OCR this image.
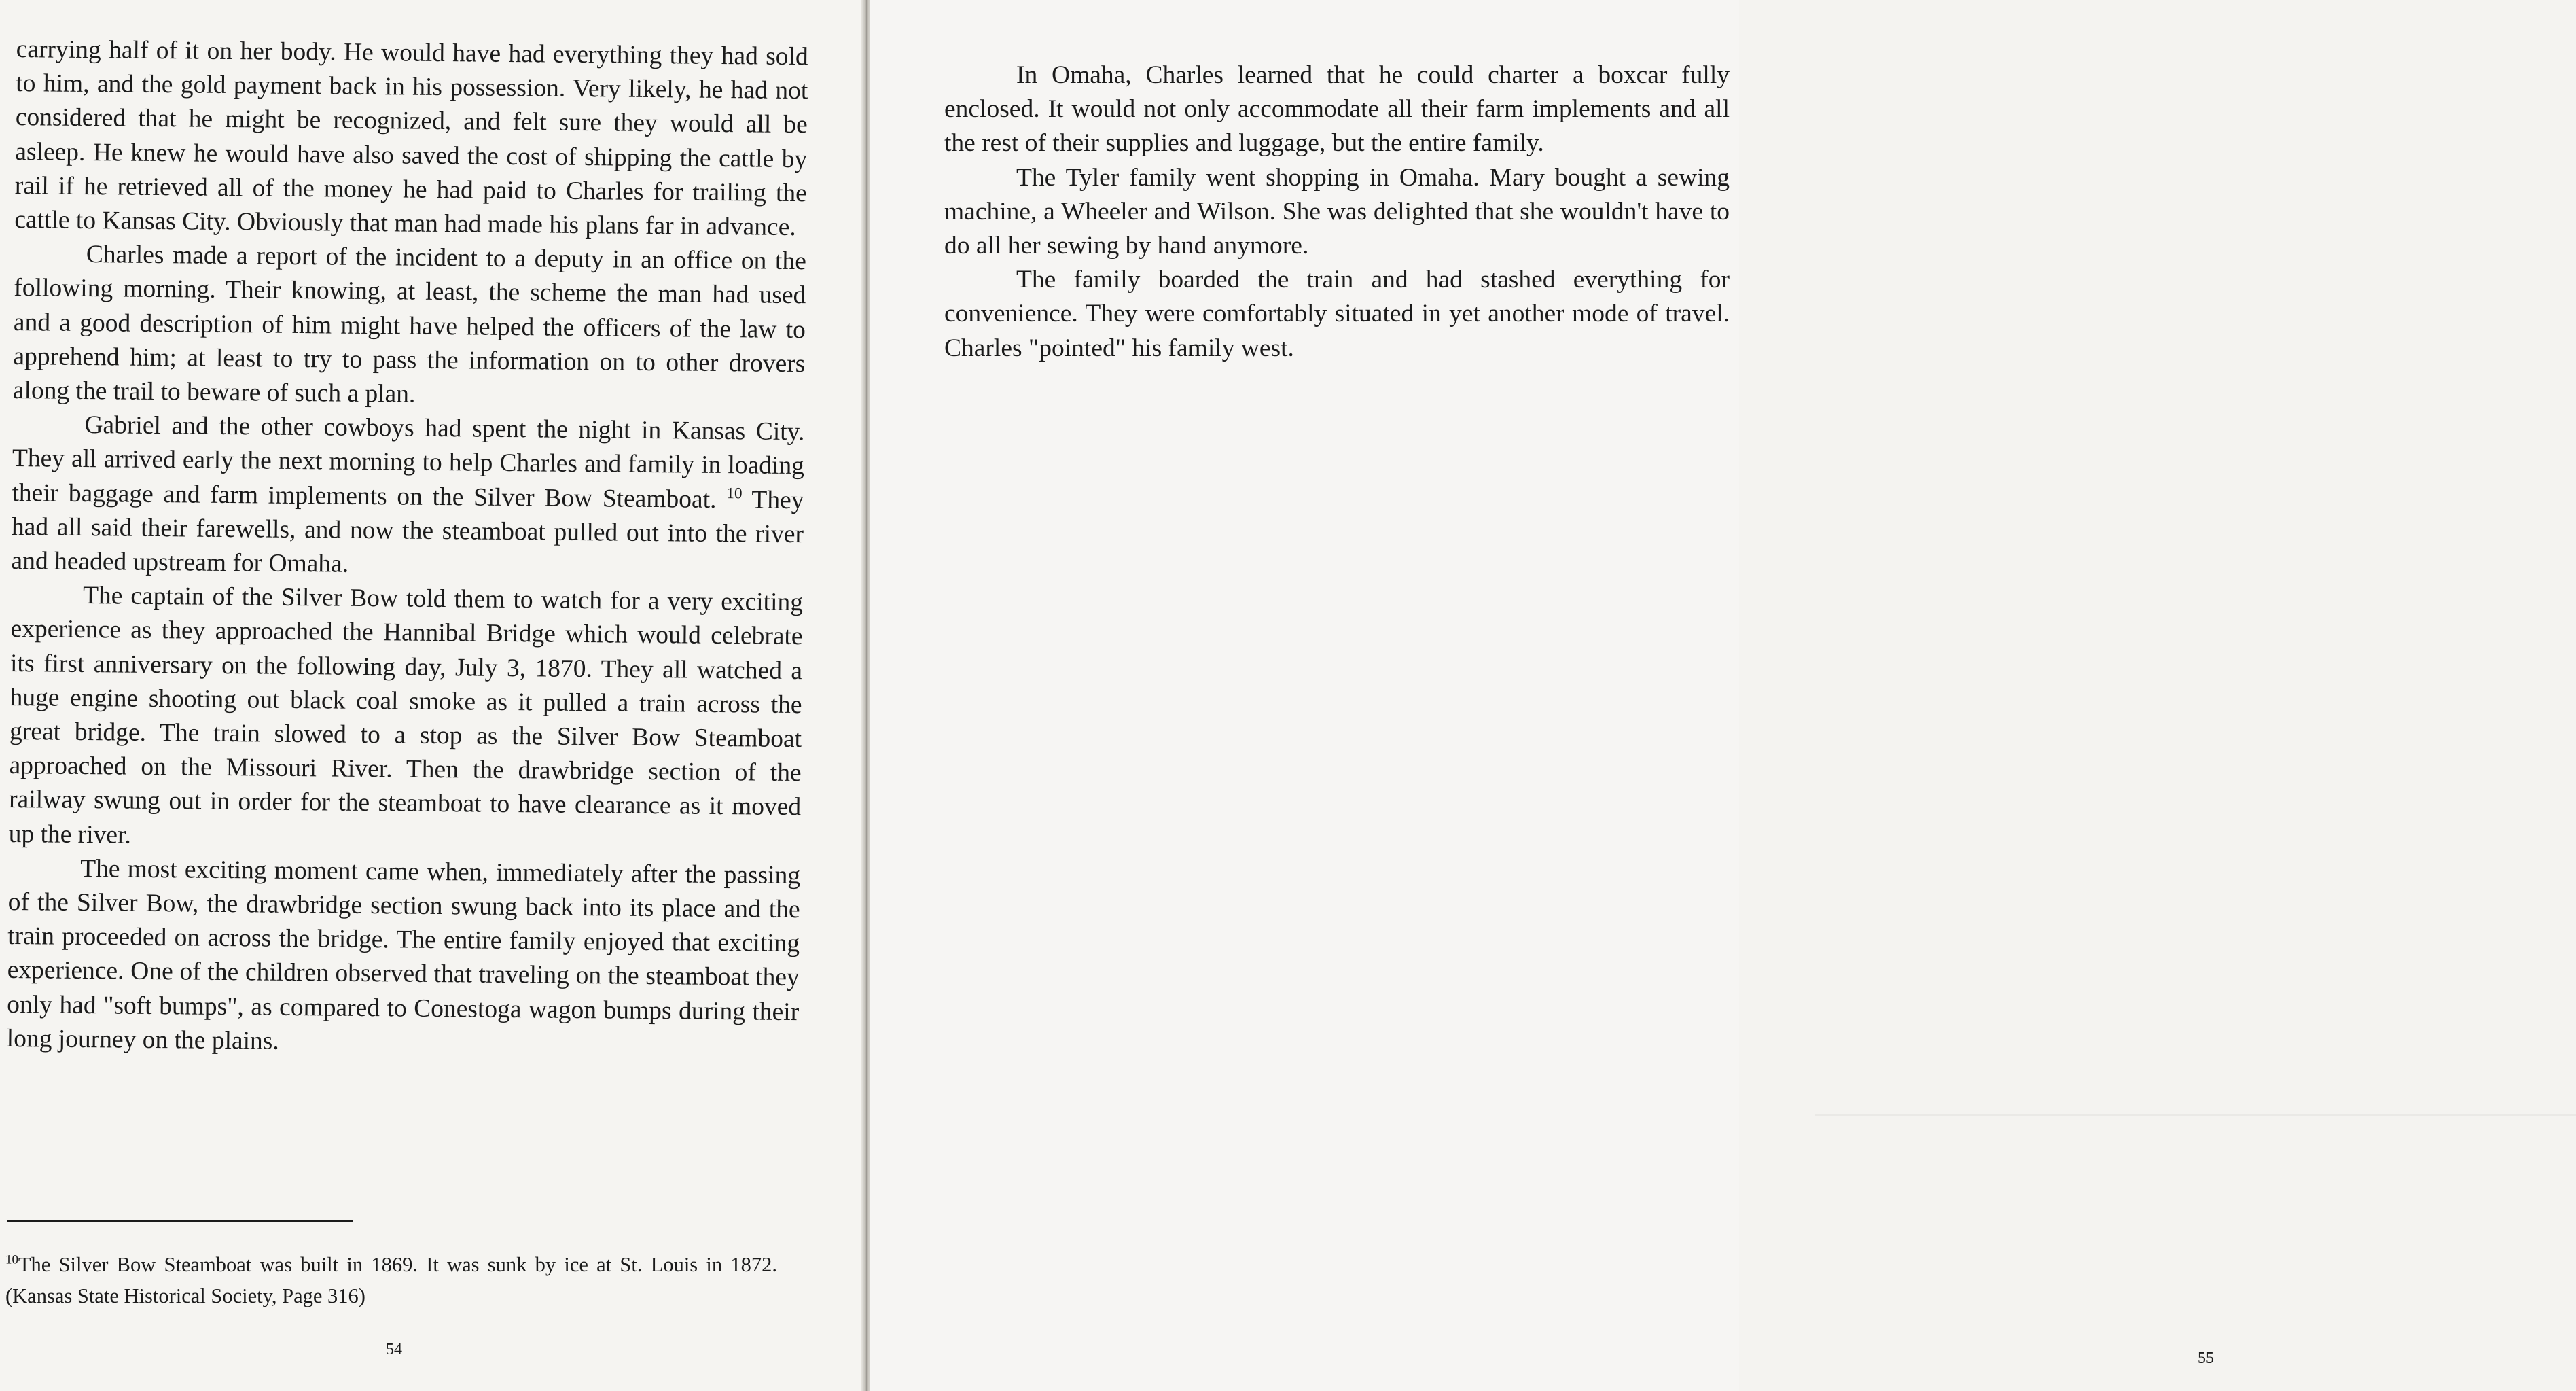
carrying half of it on her body. He would have had everything they had sold to him, and the gold payment back in his possession. Very likely, he had not considered that he might be recognized, and felt sure they would all be asleep. He knew he would have also saved the cost of shipping the cattle by rail if he retrieved all of the money he had paid to Charles for trailing the cattle to Kansas City. Obviously that man had made his plans far in advance.

Charles made a report of the incident to a deputy in an office on the following morning. Their knowing, at least, the scheme the man had used and a good description of him might have helped the officers of the law to apprehend him; at least to try to pass the information on to other drovers along the trail to beware of such a plan.

Gabriel and the other cowboys had spent the night in Kansas City. They all arrived early the next morning to help Charles and family in loading their baggage and farm implements on the Silver Bow Steamboat. $^{10}$ They had all said their farewells, and now the steamboat pulled out into the river and headed upstream for Omaha.

The captain of the Silver Bow told them to watch for a very exciting experience as they approached the Hannibal Bridge which would celebrate its first anniversary on the following day, July 3, 1870. They all watched a huge engine shooting out black coal smoke as it pulled a train across the great bridge. The train slowed to a stop as the Silver Bow Steamboat approached on the Missouri River. Then the drawbridge section of the railway swung out in order for the steamboat to have clearance as it moved up the river.

The most exciting moment came when, immediately after the passing of the Silver Bow, the drawbridge section swung back into its place and the train proceeded on across the bridge. The entire family enjoyed that exciting experience. One of the children observed that traveling on the steamboat they only had "soft bumps", as compared to Conestoga wagon bumps during their long journey on the plains.

$^{10}$The Silver Bow Steamboat was built in 1869. It was sunk by ice at St. Louis in 1872. (Kansas State Historical Society, Page 316)
54	55

In Omaha, Charles learned that he could charter a boxcar fully enclosed. It would not only accommodate all their farm implements and all the rest of their supplies and luggage, but the entire family.

The Tyler family went shopping in Omaha. Mary bought a sewing machine, a Wheeler and Wilson. She was delighted that she wouldn't have to do all her sewing by hand anymore.

The family boarded the train and had stashed everything for convenience. They were comfortably situated in yet another mode of travel. Charles "pointed" his family west.
